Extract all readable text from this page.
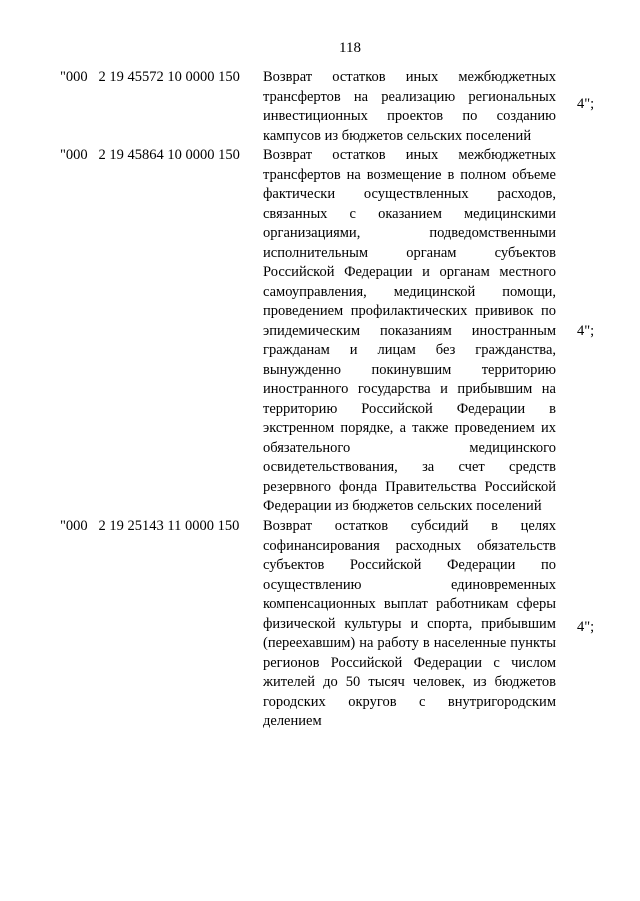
118
"000   2 19 45572 10 0000 150 Возврат остатков иных межбюджетных трансфертов на реализацию региональных инвестиционных проектов по созданию кампусов из бюджетов сельских поселений
4";
"000   2 19 45864 10 0000 150 Возврат остатков иных межбюджетных трансфертов на возмещение в полном объеме фактически осуществленных расходов, связанных с оказанием медицинскими организациями, подведомственными исполнительным органам субъектов Российской Федерации и органам местного самоуправления, медицинской помощи, проведением профилактических прививок по эпидемическим показаниям иностранным гражданам и лицам без гражданства, вынужденно покинувшим территорию иностранного государства и прибывшим на территорию Российской Федерации в экстренном порядке, а также проведением их обязательного медицинского освидетельствования, за счет средств резервного фонда Правительства Российской Федерации из бюджетов сельских поселений
4";
"000   2 19 25143 11 0000 150 Возврат остатков субсидий в целях софинансирования расходных обязательств субъектов Российской Федерации по осуществлению единовременных компенсационных выплат работникам сферы физической культуры и спорта, прибывшим (переехавшим) на работу в населенные пункты регионов Российской Федерации с числом жителей до 50 тысяч человек, из бюджетов городских округов с внутригородским делением
4";
